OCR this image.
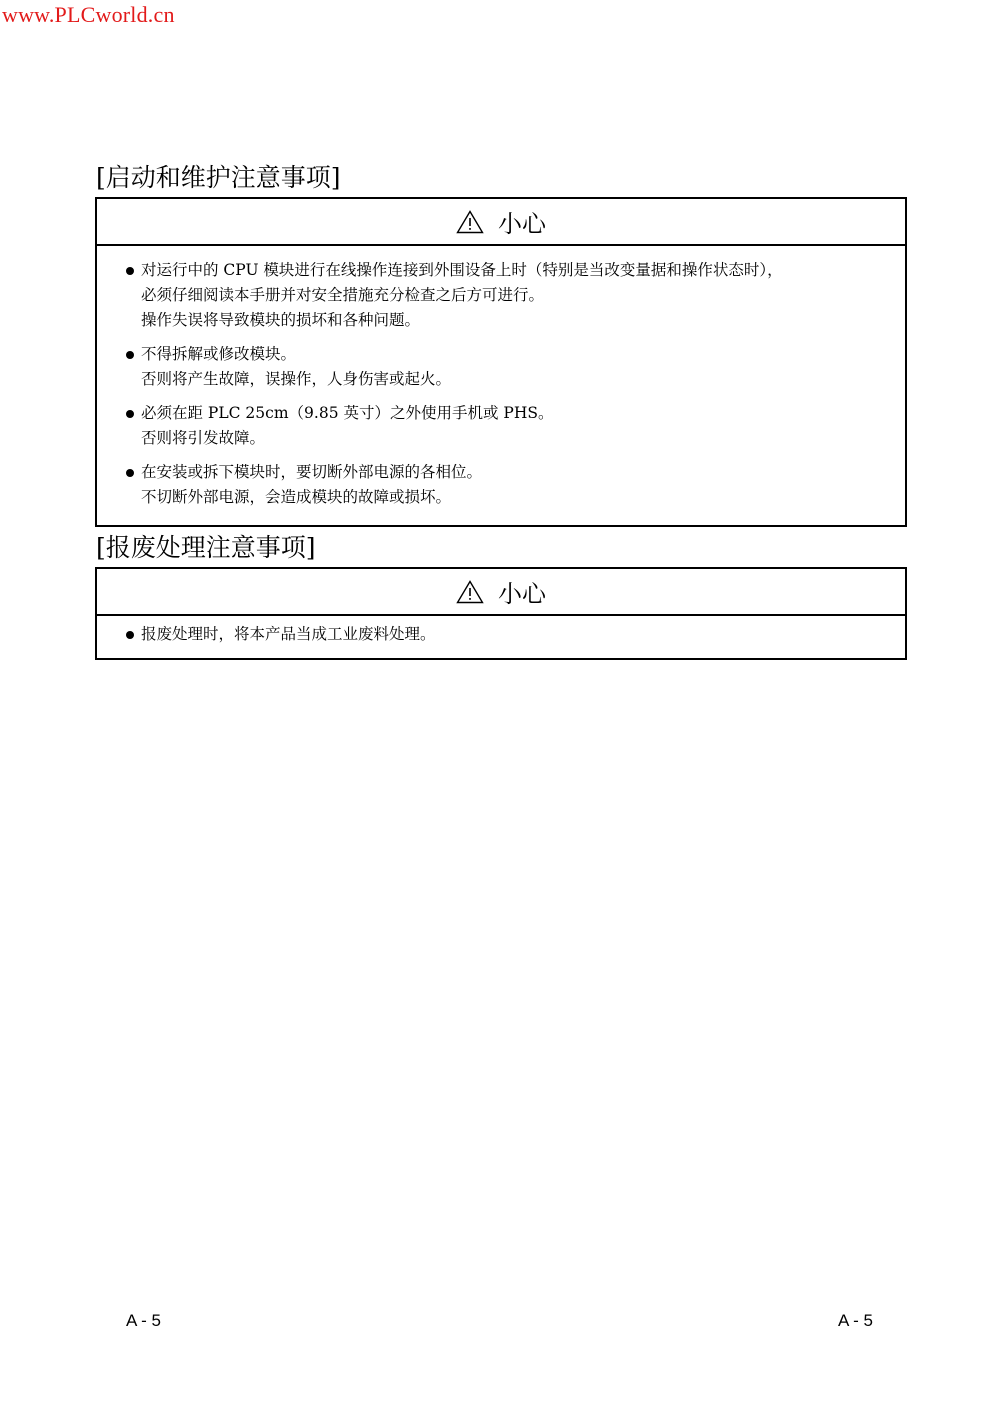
www.PLCworld.cn
[启动和维护注意事项]
小心
对运行中的 CPU 模块进行在线操作连接到外围设备上时（特别是当改变量据和操作状态时），
必须仔细阅读本手册并对安全措施充分检查之后方可进行。
操作失误将导致模块的损坏和各种问题。
不得拆解或修改模块。
否则将产生故障，误操作，人身伤害或起火。
必须在距 PLC 25cm（9.85 英寸）之外使用手机或 PHS。
否则将引发故障。
在安装或拆下模块时，要切断外部电源的各相位。
不切断外部电源，会造成模块的故障或损坏。
[报废处理注意事项]
小心
报废处理时，将本产品当成工业废料处理。
A - 5	A - 5
